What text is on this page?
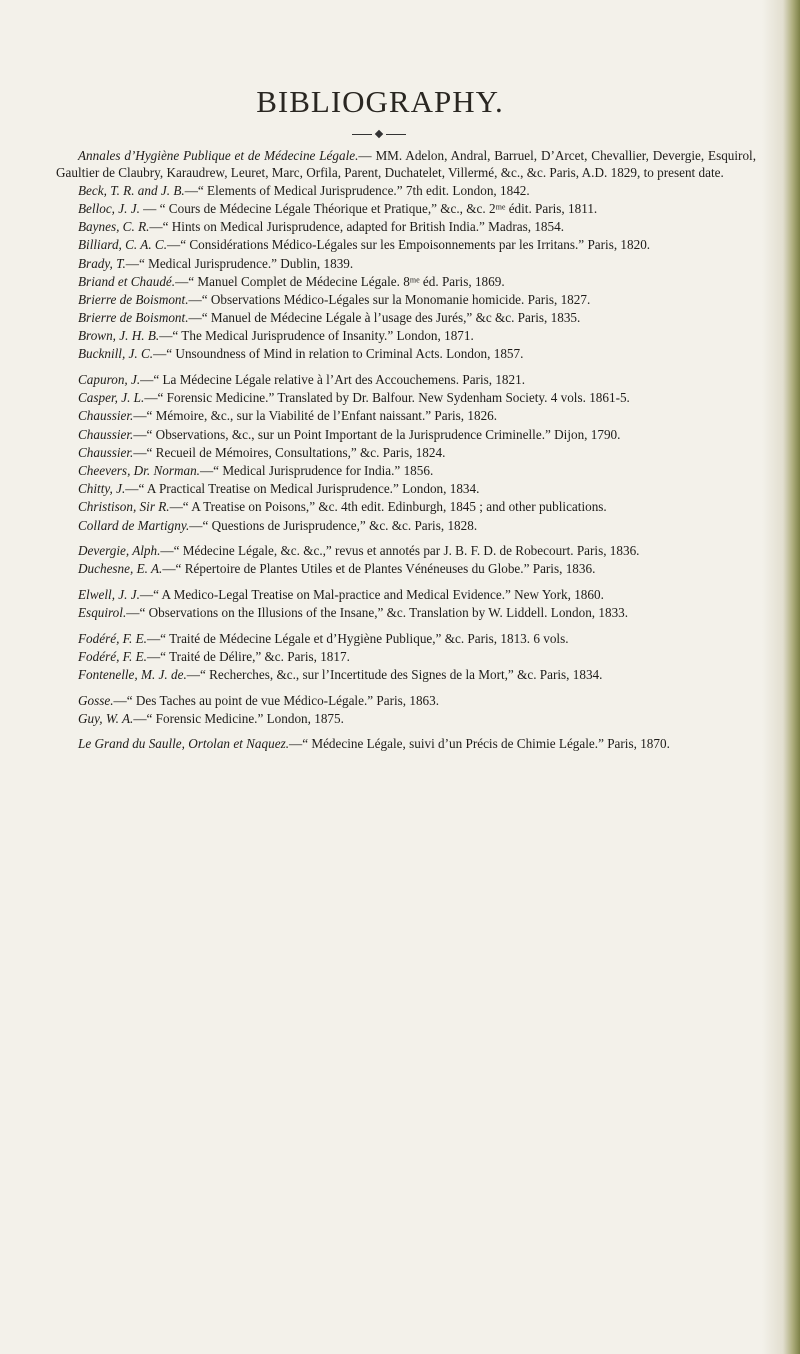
BIBLIOGRAPHY.

Annales d’Hygiène Publique et de Médecine Légale.— MM. Adelon, Andral, Barruel, D’Arcet, Chevallier, Devergie, Esquirol, Gaultier de Claubry, Karaudrew, Leuret, Marc, Orfila, Parent, Duchatelet, Villermé, &c., &c. Paris, A.D. 1829, to present date.

Beck, T. R. and J. B.—“ Elements of Medical Jurisprudence.” 7th edit. London, 1842.

Belloc, J. J. — “ Cours de Médecine Légale Théorique et Pratique,” &c., &c. 2ᵐᵉ édit. Paris, 1811.

Baynes, C. R.—“ Hints on Medical Jurisprudence, adapted for British India.” Madras, 1854.

Billiard, C. A. C.—“ Considérations Médico-Légales sur les Empoisonnements par les Irritans.” Paris, 1820.

Brady, T.—“ Medical Jurisprudence.” Dublin, 1839.

Briand et Chaudé.—“ Manuel Complet de Médecine Légale. 8ᵐᵉ éd. Paris, 1869.

Brierre de Boismont.—“ Observations Médico-Légales sur la Monomanie homicide. Paris, 1827.

Brierre de Boismont.—“ Manuel de Médecine Légale à l’usage des Jurés,” &c &c. Paris, 1835.

Brown, J. H. B.—“ The Medical Jurisprudence of Insanity.” London, 1871.

Bucknill, J. C.—“ Unsoundness of Mind in relation to Criminal Acts. London, 1857.

Capuron, J.—“ La Médecine Légale relative à l’Art des Accouchemens. Paris, 1821.

Casper, J. L.—“ Forensic Medicine.” Translated by Dr. Balfour. New Sydenham Society. 4 vols. 1861-5.

Chaussier.—“ Mémoire, &c., sur la Viabilité de l’Enfant naissant.” Paris, 1826.

Chaussier.—“ Observations, &c., sur un Point Important de la Jurisprudence Criminelle.” Dijon, 1790.

Chaussier.—“ Recueil de Mémoires, Consultations,” &c. Paris, 1824.

Cheevers, Dr. Norman.—“ Medical Jurisprudence for India.” 1856.

Chitty, J.—“ A Practical Treatise on Medical Jurisprudence.” London, 1834.

Christison, Sir R.—“ A Treatise on Poisons,” &c. 4th edit. Edinburgh, 1845 ; and other publications.

Collard de Martigny.—“ Questions de Jurisprudence,” &c. &c. Paris, 1828.

Devergie, Alph.—“ Médecine Légale, &c. &c.,” revus et annotés par J. B. F. D. de Robecourt. Paris, 1836.

Duchesne, E. A.—“ Répertoire de Plantes Utiles et de Plantes Vénéneuses du Globe.” Paris, 1836.

Elwell, J. J.—“ A Medico-Legal Treatise on Mal-practice and Medical Evidence.” New York, 1860.

Esquirol.—“ Observations on the Illusions of the Insane,” &c. Translation by W. Liddell. London, 1833.

Fodéré, F. E.—“ Traité de Médecine Légale et d’Hygiène Publique,” &c. Paris, 1813. 6 vols.

Fodéré, F. E.—“ Traité de Délire,” &c. Paris, 1817.

Fontenelle, M. J. de.—“ Recherches, &c., sur l’Incertitude des Signes de la Mort,” &c. Paris, 1834.

Gosse.—“ Des Taches au point de vue Médico-Légale.” Paris, 1863.

Guy, W. A.—“ Forensic Medicine.” London, 1875.

Le Grand du Saulle, Ortolan et Naquez.—“ Médecine Légale, suivi d’un Précis de Chimie Légale.” Paris, 1870.
